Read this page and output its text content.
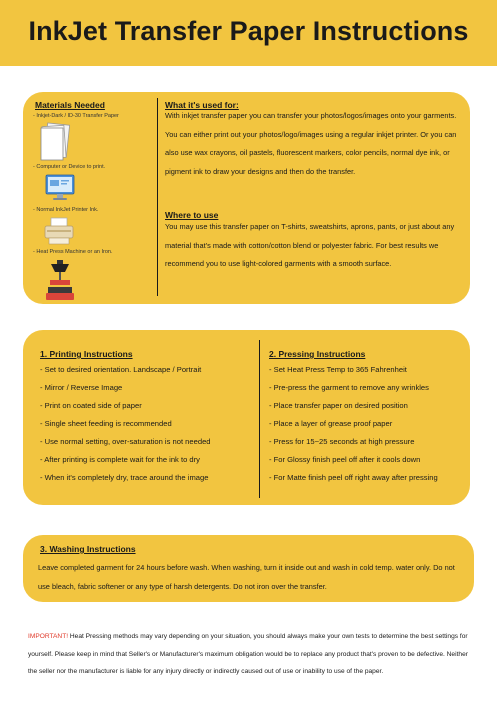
InkJet Transfer Paper Instructions
Materials Needed
- Inkjet-Dark / ID-30 Transfer Paper
- Computer or Device to print.
- Normal InkJet Printer Ink.
- Heat Press Machine or an Iron.
What it's used for:
With inkjet transfer paper you can transfer your photos/logos/images onto your garments. You can either print out your photos/logo/images using a regular inkjet printer. Or you can also use wax crayons, oil pastels, fluorescent markers, color pencils, normal dye ink, or pigment ink to draw your designs and then do the transfer.
Where to use
You may use this transfer paper on T-shirts, sweatshirts, aprons, pants, or just about any material that's made with cotton/cotton blend or polyester fabric. For best results we recommend you to use light-colored garments with a smooth surface.
1. Printing Instructions
- Set to desired orientation. Landscape / Portrait
- Mirror / Reverse Image
- Print on coated side of paper
- Single sheet feeding is recommended
- Use normal setting, over-saturation is not needed
- After printing is complete wait for the ink to dry
- When it's completely dry, trace around the image
2. Pressing Instructions
- Set Heat Press Temp to 365 Fahrenheit
- Pre-press the garment to remove any wrinkles
- Place transfer paper on desired position
- Place a layer of grease proof paper
- Press for 15~25 seconds at high pressure
- For Glossy finish peel off after it cools down
- For Matte finish peel off right away after pressing
3. Washing Instructions
Leave completed garment for 24 hours before wash. When washing, turn it inside out and wash in cold temp. water only. Do not use bleach, fabric softener or any type of harsh detergents. Do not iron over the transfer.
IMPORTANT! Heat Pressing methods may vary depending on your situation, you should always make your own tests to determine the best settings for yourself. Please keep in mind that Seller's or Manufacturer's maximum obligation would be to replace any product that's proven to be defective. Neither the seller nor the manufacturer is liable for any injury directly or indirectly caused out of use or inability to use of the paper.
